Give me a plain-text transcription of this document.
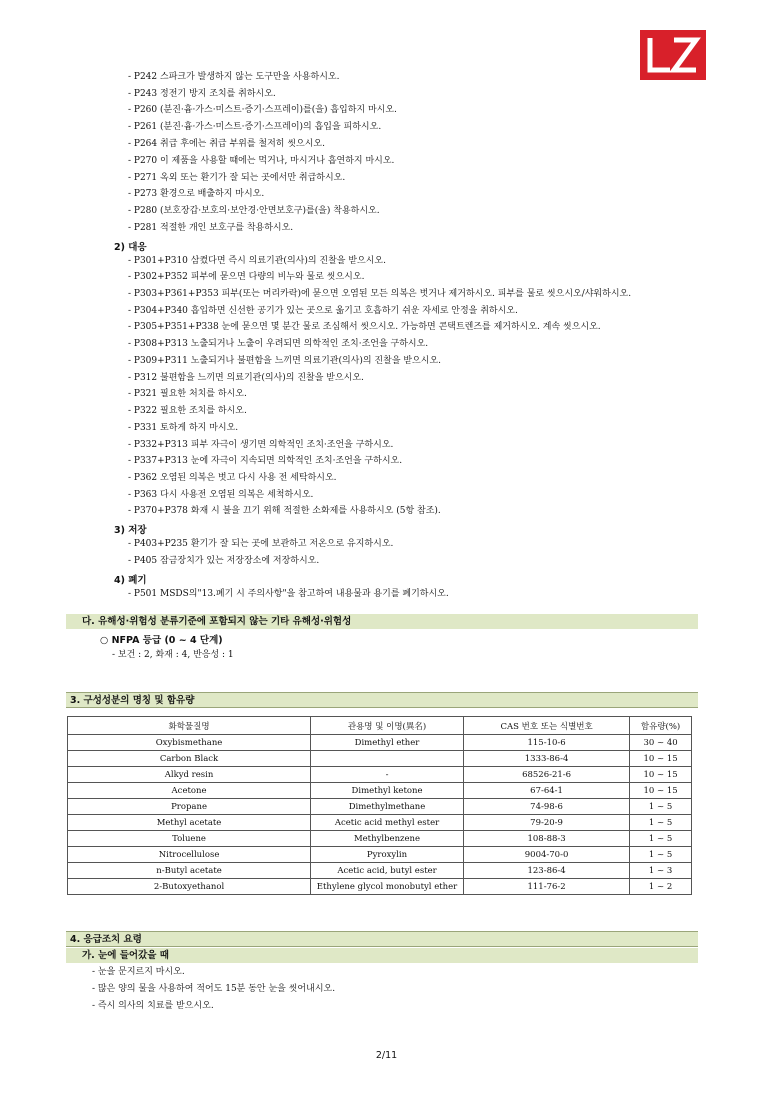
- P242 스파크가 발생하지 않는 도구만을 사용하시오.
- P243 정전기 방지 조치를 취하시오.
- P260 (분진·흄·가스·미스트·증기·스프레이)를(을) 흡입하지 마시오.
- P261 (분진·흄·가스·미스트·증기·스프레이)의 흡입을 피하시오.
- P264 취급 후에는 취급 부위를 철저히 씻으시오.
- P270 이 제품을 사용할 때에는 먹거나, 마시거나 흡연하지 마시오.
- P271 옥외 또는 환기가 잘 되는 곳에서만 취급하시오.
- P273 환경으로 배출하지 마시오.
- P280 (보호장갑·보호의·보안경·안면보호구)를(을) 착용하시오.
- P281 적절한 개인 보호구를 착용하시오.
2) 대응
- P301+P310 삼켰다면 즉시 의료기관(의사)의 진찰을 받으시오.
- P302+P352 피부에 묻으면 다량의 비누와 물로 씻으시오.
- P303+P361+P353 피부(또는 머리카락)에 묻으면 오염된 모든 의복은 벗거나 제거하시오. 피부를 물로 씻으시오/샤워하시오.
- P304+P340 흡입하면 신선한 공기가 있는 곳으로 옮기고 호흡하기 쉬운 자세로 안정을 취하시오.
- P305+P351+P338 눈에 묻으면 몇 분간 물로 조심해서 씻으시오. 가능하면 콘택트렌즈를 제거하시오. 계속 씻으시오.
- P308+P313 노출되거나 노출이 우려되면 의학적인 조치·조언을 구하시오.
- P309+P311 노출되거나 불편함을 느끼면 의료기관(의사)의 진찰을 받으시오.
- P312 불편함을 느끼면 의료기관(의사)의 진찰을 받으시오.
- P321 필요한 처치를 하시오.
- P322 필요한 조치를 하시오.
- P331 토하게 하지 마시오.
- P332+P313 피부 자극이 생기면 의학적인 조치·조언을 구하시오.
- P337+P313 눈에 자극이 지속되면 의학적인 조치·조언을 구하시오.
- P362 오염된 의복은 벗고 다시 사용 전 세탁하시오.
- P363 다시 사용전 오염된 의복은 세척하시오.
- P370+P378 화재 시 불을 끄기 위해 적절한 소화제를 사용하시오 (5항 참조).
3) 저장
- P403+P235 환기가 잘 되는 곳에 보관하고 저온으로 유지하시오.
- P405 잠금장치가 있는 저장장소에 저장하시오.
4) 폐기
- P501 MSDS의"13.폐기 시 주의사항"을 참고하여 내용물과 용기를 폐기하시오.
다. 유해성·위험성 분류기준에 포함되지 않는 기타 유해성·위험성
○ NFPA 등급 (0 ~ 4 단계)
- 보건 : 2, 화재 : 4, 반응성 : 1
3. 구성성분의 명칭 및 함유량
화학물질명	관용명 및 이명(異名)	CAS 번호 또는 식별번호	함유량(%)
Oxybismethane	Dimethyl ether	115-10-6	30 ~ 40
Carbon Black		1333-86-4	10 ~ 15
Alkyd resin	-	68526-21-6	10 ~ 15
Acetone	Dimethyl ketone	67-64-1	10 ~ 15
Propane	Dimethylmethane	74-98-6	1 ~ 5
Methyl acetate	Acetic acid methyl ester	79-20-9	1 ~ 5
Toluene	Methylbenzene	108-88-3	1 ~ 5
Nitrocellulose	Pyroxylin	9004-70-0	1 ~ 5
n-Butyl acetate	Acetic acid, butyl ester	123-86-4	1 ~ 3
2-Butoxyethanol	Ethylene glycol monobutyl ether	111-76-2	1 ~ 2
4. 응급조치 요령
가. 눈에 들어갔을 때
- 눈을 문지르지 마시오.
- 많은 양의 물을 사용하여 적어도 15분 동안 눈을 씻어내시오.
- 즉시 의사의 치료를 받으시오.
2/11
